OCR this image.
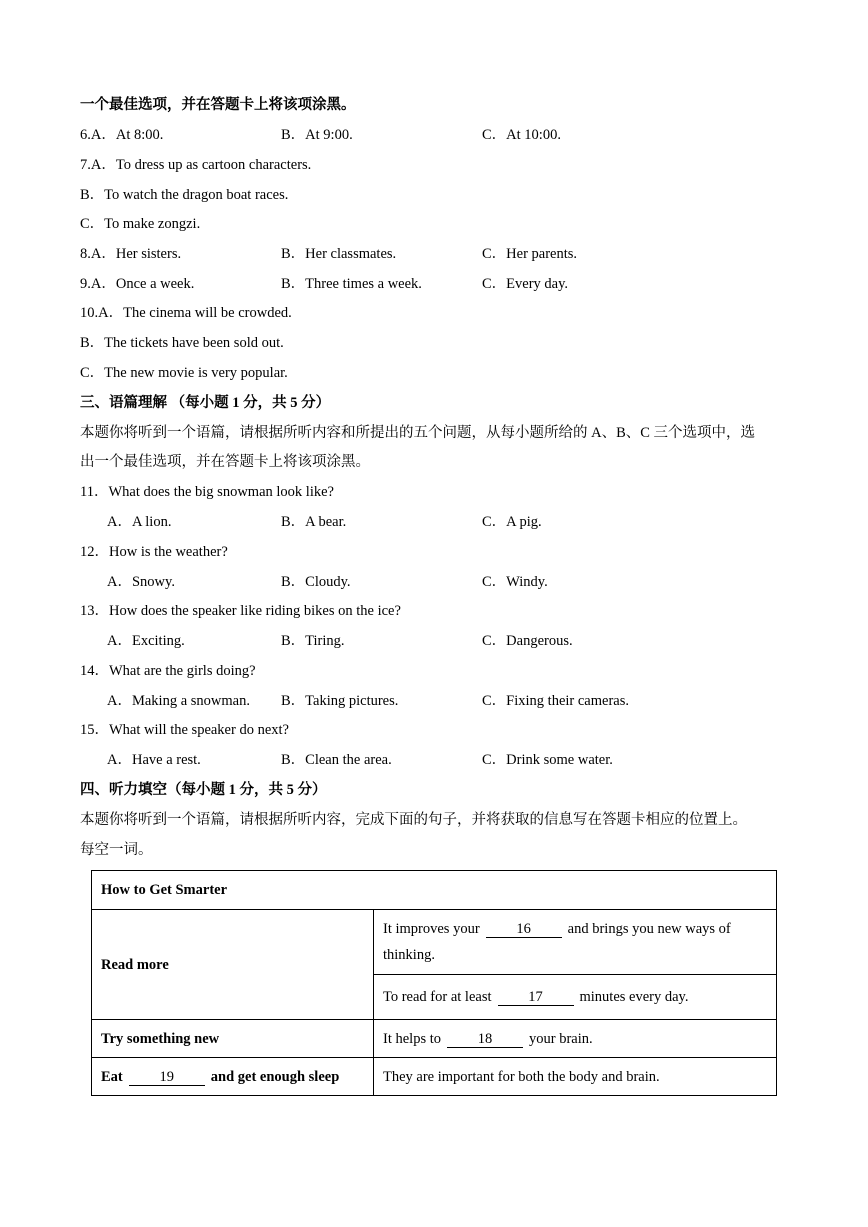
一个最佳选项，并在答题卡上将该项涂黑。
6.A．At 8:00.	B．At 9:00.	C．At 10:00.
7.A．To dress up as cartoon characters.
B．To watch the dragon boat races.
C．To make zongzi.
8.A．Her sisters.	B．Her classmates.	C．Her parents.
9.A．Once a week.	B．Three times a week.	C．Every day.
10.A．The cinema will be crowded.
B．The tickets have been sold out.
C．The new movie is very popular.
三、语篇理解 （每小题 1 分，共 5 分）
本题你将听到一个语篇，请根据所听内容和所提出的五个问题，从每小题所给的 A、B、C 三个选项中，选
出一个最佳选项，并在答题卡上将该项涂黑。
11．What does the big snowman look like?
A．A lion.	B．A bear.	C．A pig.
12．How is the weather?
A．Snowy.	B．Cloudy.	C．Windy.
13．How does the speaker like riding bikes on the ice?
A．Exciting.	B．Tiring.	C．Dangerous.
14．What are the girls doing?
A．Making a snowman. B．Taking pictures.	C．Fixing their cameras.
15．What will the speaker do next?
A．Have a rest.	B．Clean the area.	C．Drink some water.
四、听力填空（每小题 1 分，共 5 分）
本题你将听到一个语篇，请根据所听内容，完成下面的句子，并将获取的信息写在答题卡相应的位置上。
每空一词。
How to Get Smarter	
Read more	It improves your 16 and brings you new ways of
thinking.
	To read for at least 17 minutes every day.
Try something new	It helps to 18 your brain.
Eat 19 and get enough sleep	They are important for both the body and brain.
